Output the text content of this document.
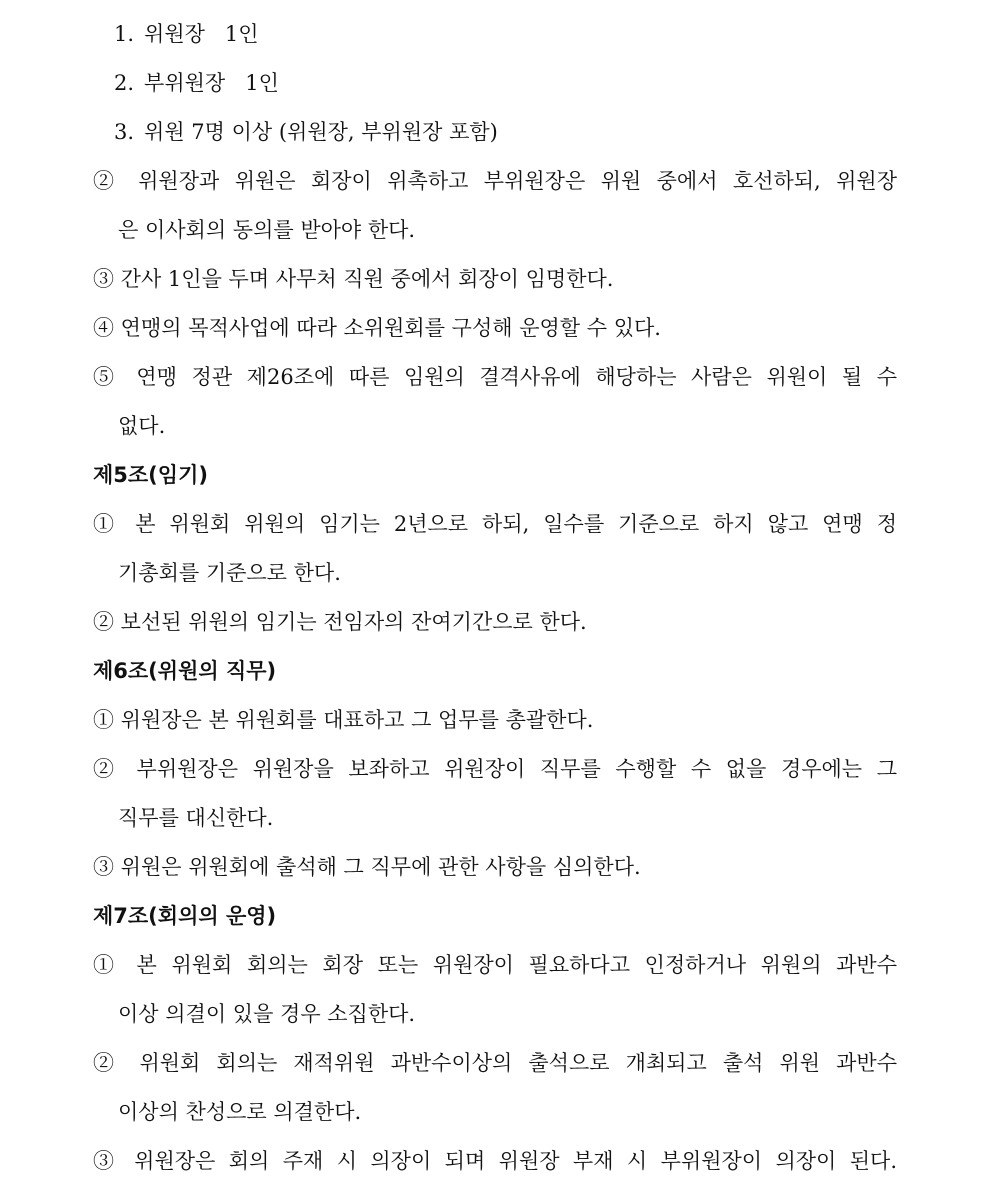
1. 위원장   1인
2. 부위원장   1인
3. 위원 7명 이상 (위원장, 부위원장 포함)
② 위원장과 위원은 회장이 위촉하고 부위원장은 위원 중에서 호선하되, 위원장
은 이사회의 동의를 받아야 한다.
③ 간사 1인을 두며 사무처 직원 중에서 회장이 임명한다.
④ 연맹의 목적사업에 따라 소위원회를 구성해 운영할 수 있다.
⑤ 연맹 정관 제26조에 따른 임원의 결격사유에 해당하는 사람은 위원이 될 수
없다.
제5조(임기)
① 본 위원회 위원의 임기는 2년으로 하되, 일수를 기준으로 하지 않고 연맹 정
기총회를 기준으로 한다.
② 보선된 위원의 임기는 전임자의 잔여기간으로 한다.
제6조(위원의 직무)
① 위원장은 본 위원회를 대표하고 그 업무를 총괄한다.
② 부위원장은 위원장을 보좌하고 위원장이 직무를 수행할 수 없을 경우에는 그
직무를 대신한다.
③ 위원은 위원회에 출석해 그 직무에 관한 사항을 심의한다.
제7조(회의의 운영)
① 본 위원회 회의는 회장 또는 위원장이 필요하다고 인정하거나 위원의 과반수
이상 의결이 있을 경우 소집한다.
② 위원회 회의는 재적위원 과반수이상의 출석으로 개최되고 출석 위원 과반수
이상의 찬성으로 의결한다.
③ 위원장은 회의 주재 시 의장이 되며 위원장 부재 시 부위원장이 의장이 된다.
